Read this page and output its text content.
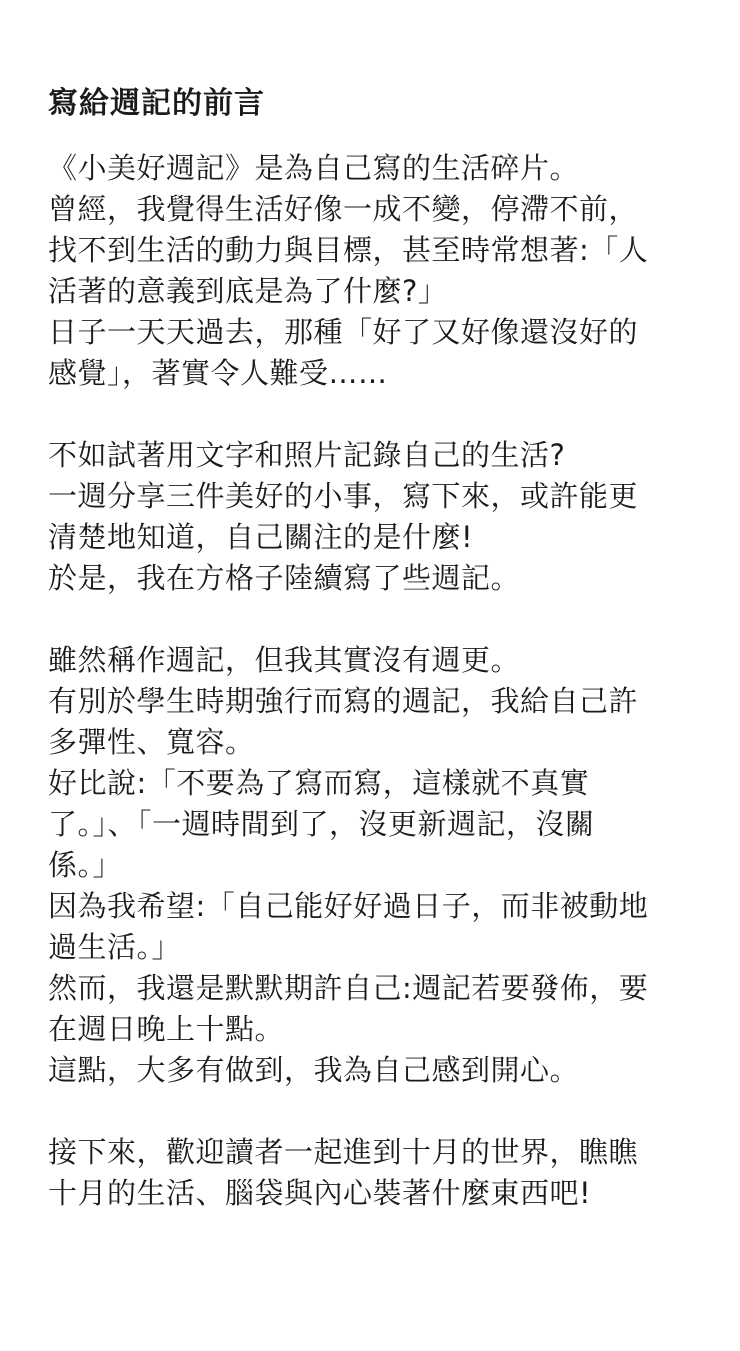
寫給週記的前言
《小美好週記》是為自己寫的生活碎片。
曾經，我覺得生活好像一成不變，停滯不前，
找不到生活的動力與目標，甚至時常想著:「人
活著的意義到底是為了什麼?」
日子一天天過去，那種「好了又好像還沒好的
感覺」，著實令人難受……
不如試著用文字和照片記錄自己的生活?
一週分享三件美好的小事，寫下來，或許能更
清楚地知道，自己關注的是什麼!
於是，我在方格子陸續寫了些週記。
雖然稱作週記，但我其實沒有週更。
有別於學生時期強行而寫的週記，我給自己許
多彈性、寬容。
好比說:「不要為了寫而寫，這樣就不真實
了。」、「一週時間到了，沒更新週記，沒關
係。」
因為我希望:「自己能好好過日子，而非被動地
過生活。」
然而，我還是默默期許自己:週記若要發佈，要
在週日晚上十點。
這點，大多有做到，我為自己感到開心。
接下來，歡迎讀者一起進到十月的世界，瞧瞧
十月的生活、腦袋與內心裝著什麼東西吧!
